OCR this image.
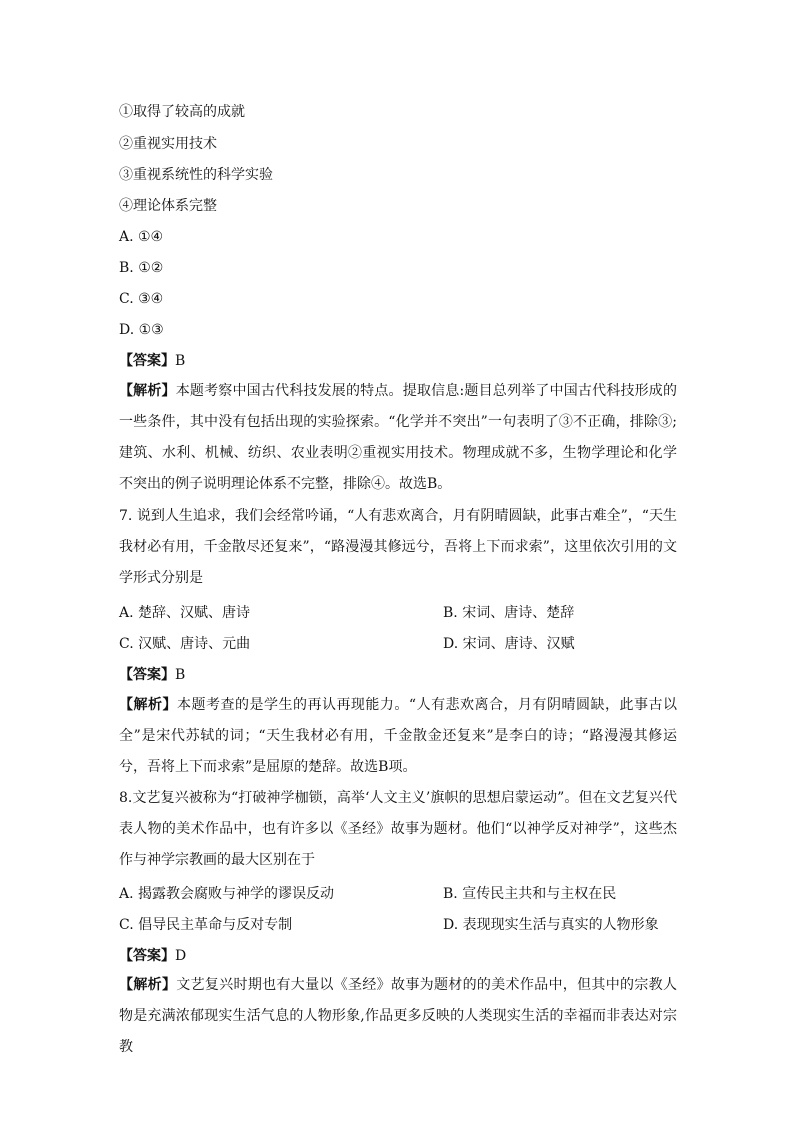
①取得了较高的成就
②重视实用技术
③重视系统性的科学实验
④理论体系完整
A. ①④
B. ①②
C. ③④
D. ①③
【答案】B

【解析】本题考察中国古代科技发展的特点。提取信息:题目总列举了中国古代科技形成的一些条件，其中没有包括出现的实验探索。“化学并不突出”一句表明了③不正确，排除③;建筑、水利、机械、纺织、农业表明②重视实用技术。物理成就不多，生物学理论和化学不突出的例子说明理论体系不完整，排除④。故选B。

7. 说到人生追求，我们会经常吟诵，“人有悲欢离合，月有阴晴圆缺，此事古难全”，“天生我材必有用，千金散尽还复来”，“路漫漫其修远兮，吾将上下而求索”，这里依次引用的文学形式分别是

A. 楚辞、汉赋、唐诗	B. 宋词、唐诗、楚辞
C. 汉赋、唐诗、元曲	D. 宋词、唐诗、汉赋
【答案】B

【解析】本题考查的是学生的再认再现能力。“人有悲欢离合，月有阴晴圆缺，此事古以全”是宋代苏轼的词；“天生我材必有用，千金散金还复来”是李白的诗；“路漫漫其修运兮，吾将上下而求索”是屈原的楚辞。故选B项。

8.文艺复兴被称为“打破神学枷锁，高举‘人文主义’旗帜的思想启蒙运动”。但在文艺复兴代表人物的美术作品中，也有许多以《圣经》故事为题材。他们“以神学反对神学”，这些杰作与神学宗教画的最大区别在于

A. 揭露教会腐败与神学的谬误反动	B. 宣传民主共和与主权在民
C. 倡导民主革命与反对专制	D. 表现现实生活与真实的人物形象
【答案】D

【解析】文艺复兴时期也有大量以《圣经》故事为题材的的美术作品中，但其中的宗教人物是充满浓郁现实生活气息的人物形象,作品更多反映的人类现实生活的幸福而非表达对宗教
